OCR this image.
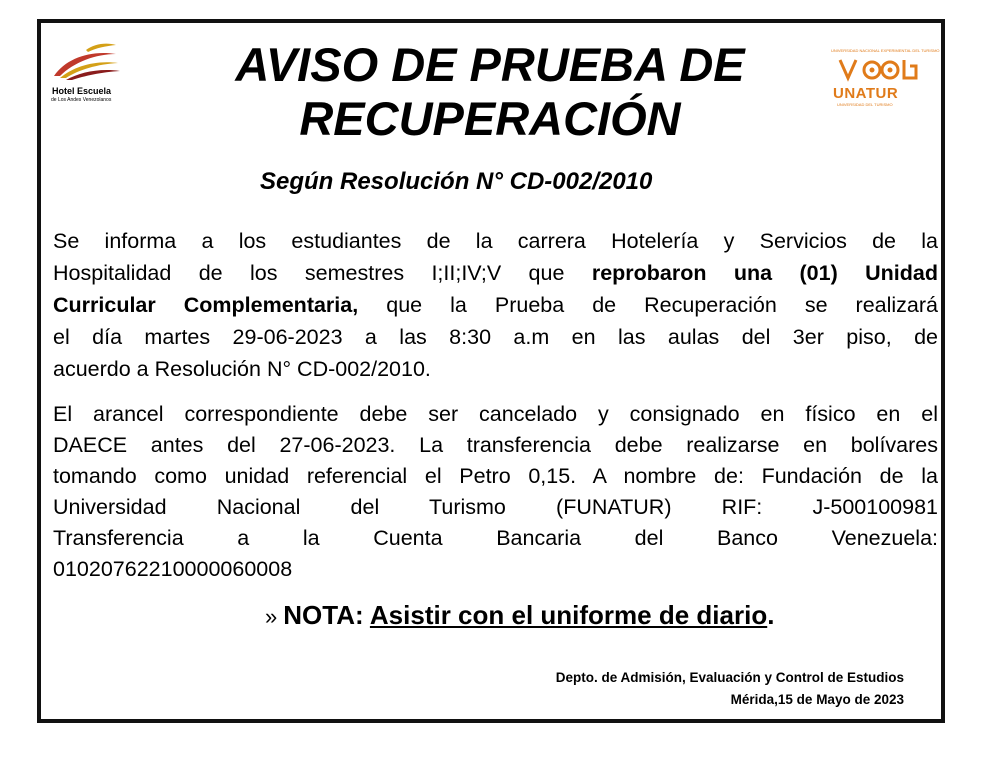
Hotel Escuela
de Los Andes Venezolanos
UNIVERSIDAD NACIONAL EXPERIMENTAL DEL TURISMO
UNATUR
UNIVERSIDAD DEL TURISMO
AVISO DE PRUEBA DE
RECUPERACIÓN
Según Resolución N° CD-002/2010
Se informa a los estudiantes de la carrera Hotelería y Servicios de la
Hospitalidad de los semestres I;II;IV;V que reprobaron una (01) Unidad
Curricular Complementaria, que la Prueba de Recuperación se realizará
el día martes 29-06-2023 a las 8:30 a.m en las aulas del 3er piso, de
acuerdo a Resolución N° CD-002/2010.
El arancel correspondiente debe ser cancelado y consignado en físico en el
DAECE antes del 27-06-2023. La transferencia debe realizarse en bolívares
tomando como unidad referencial el Petro 0,15. A nombre de: Fundación de la
Universidad Nacional del Turismo (FUNATUR) RIF: J-500100981
Transferencia a la Cuenta Bancaria del Banco Venezuela:
01020762210000060008
» NOTA: Asistir con el uniforme de diario.
Depto. de Admisión, Evaluación y Control de Estudios
Mérida,15 de Mayo de 2023
